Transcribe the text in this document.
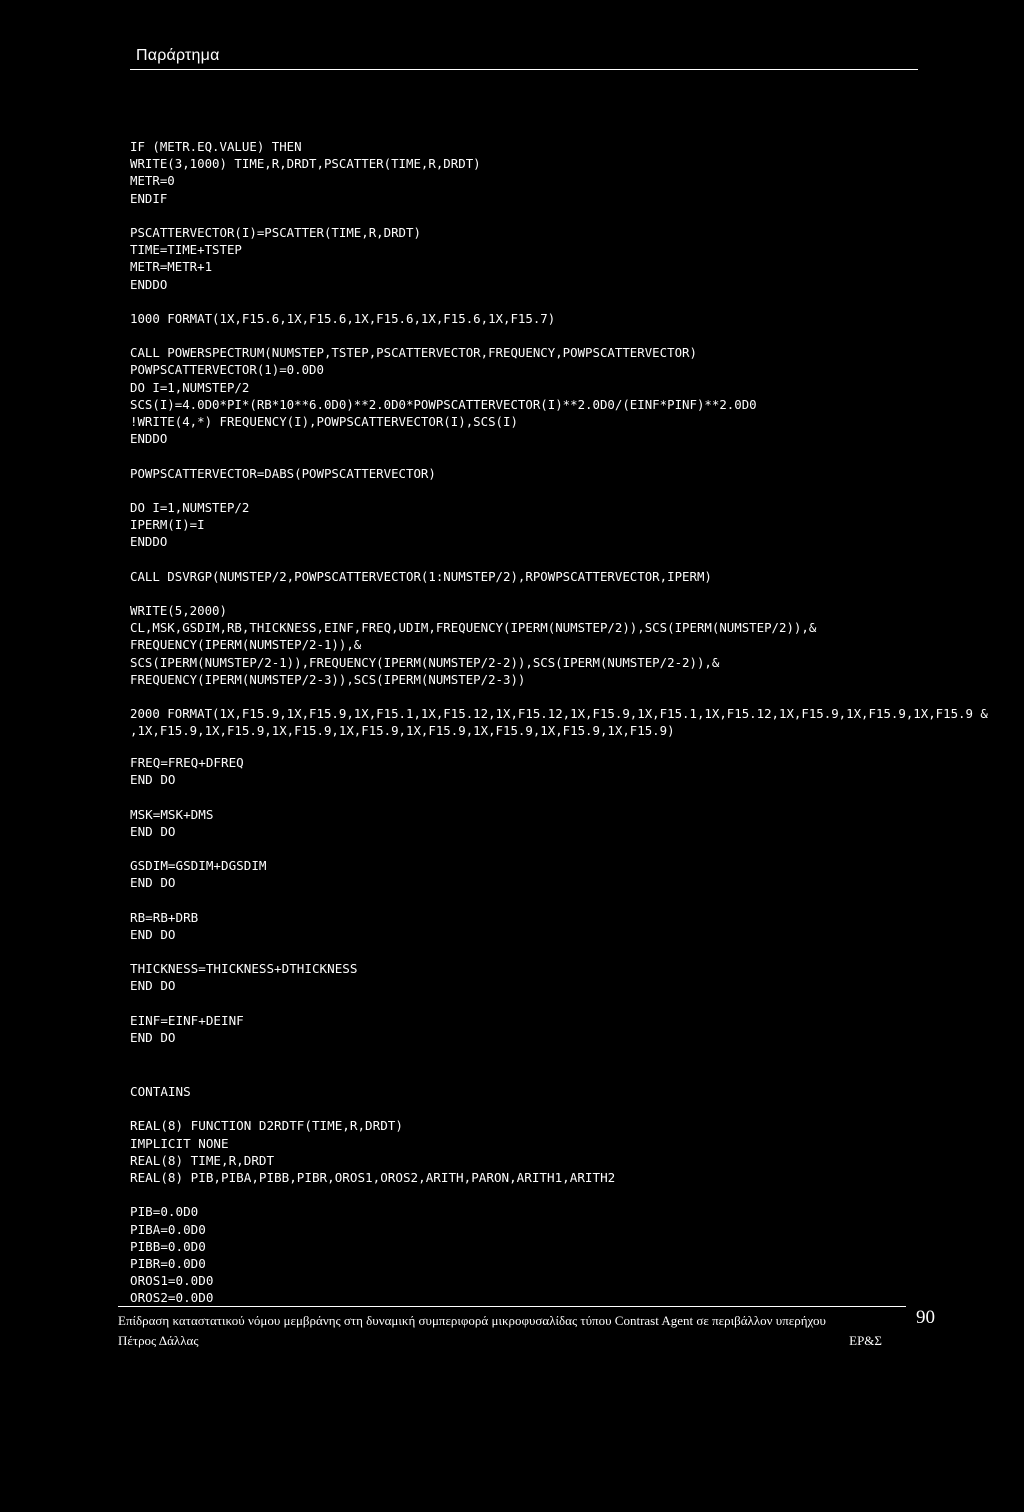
Παράρτημα
IF (METR.EQ.VALUE) THEN
WRITE(3,1000) TIME,R,DRDT,PSCATTER(TIME,R,DRDT)
METR=0
ENDIF
PSCATTERVECTOR(I)=PSCATTER(TIME,R,DRDT)
TIME=TIME+TSTEP
METR=METR+1
ENDDO
1000 FORMAT(1X,F15.6,1X,F15.6,1X,F15.6,1X,F15.6,1X,F15.7)
CALL POWERSPECTRUM(NUMSTEP,TSTEP,PSCATTERVECTOR,FREQUENCY,POWPSCATTERVECTOR)
POWPSCATTERVECTOR(1)=0.0D0
DO I=1,NUMSTEP/2
SCS(I)=4.0D0*PI*(RB*10**6.0D0)**2.0D0*POWPSCATTERVECTOR(I)**2.0D0/(EINF*PINF)**2.0D0
!WRITE(4,*) FREQUENCY(I),POWPSCATTERVECTOR(I),SCS(I)
ENDDO
POWPSCATTERVECTOR=DABS(POWPSCATTERVECTOR)
DO I=1,NUMSTEP/2
IPERM(I)=I
ENDDO
CALL DSVRGP(NUMSTEP/2,POWPSCATTERVECTOR(1:NUMSTEP/2),RPOWPSCATTERVECTOR,IPERM)
WRITE(5,2000)
CL,MSK,GSDIM,RB,THICKNESS,EINF,FREQ,UDIM,FREQUENCY(IPERM(NUMSTEP/2)),SCS(IPERM(NUMSTEP/2)),&
FREQUENCY(IPERM(NUMSTEP/2-1)),&
SCS(IPERM(NUMSTEP/2-1)),FREQUENCY(IPERM(NUMSTEP/2-2)),SCS(IPERM(NUMSTEP/2-2)),&
FREQUENCY(IPERM(NUMSTEP/2-3)),SCS(IPERM(NUMSTEP/2-3))
2000 FORMAT(1X,F15.9,1X,F15.9,1X,F15.1,1X,F15.12,1X,F15.12,1X,F15.9,1X,F15.1,1X,F15.12,1X,F15.9,1X,F15.9,1X,F15.9 &
,1X,F15.9,1X,F15.9,1X,F15.9,1X,F15.9,1X,F15.9,1X,F15.9,1X,F15.9,1X,F15.9)
FREQ=FREQ+DFREQ
END DO
MSK=MSK+DMS
END DO
GSDIM=GSDIM+DGSDIM
END DO
RB=RB+DRB
END DO
THICKNESS=THICKNESS+DTHICKNESS
END DO
EINF=EINF+DEINF
END DO
CONTAINS
REAL(8) FUNCTION D2RDTF(TIME,R,DRDT)
IMPLICIT NONE
REAL(8) TIME,R,DRDT
REAL(8) PIB,PIBA,PIBB,PIBR,OROS1,OROS2,ARITH,PARON,ARITH1,ARITH2
PIB=0.0D0
PIBA=0.0D0
PIBB=0.0D0
PIBR=0.0D0
OROS1=0.0D0
OROS2=0.0D0
Επίδραση καταστατικού νόμου μεμβράνης στη δυναμική συμπεριφορά μικροφυσαλίδας τύπου Contrast Agent σε περιβάλλον υπερήχου
Πέτρος Δάλλας	ΕΡ&Σ
90
